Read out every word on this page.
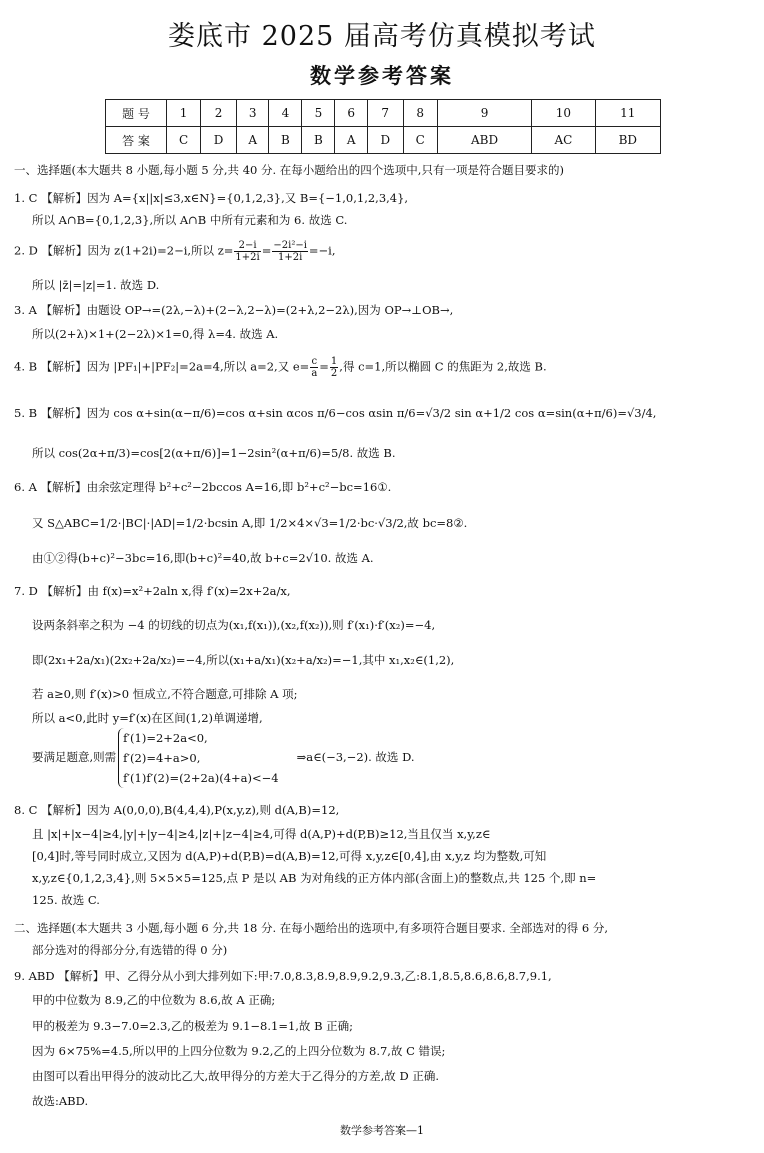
娄底市 2025 届高考仿真模拟考试
数学参考答案
题 号	1	2	3	4	5	6	7	8	9	10	11
答 案	C	D	A	B	B	A	D	C	ABD	AC	BD
一、选择题(本大题共 8 小题,每小题 5 分,共 40 分. 在每小题给出的四个选项中,只有一项是符合题目要求的)
1. C 【解析】因为 A={x||x|≤3,x∈N}={0,1,2,3},又 B={−1,0,1,2,3,4},
所以 A∩B={0,1,2,3},所以 A∩B 中所有元素和为 6. 故选 C.
2. D 【解析】因为 z(1+2i)=2−i,所以 $z= \frac{2-i}{1+2i} = \frac{\text{−2i²−i}}{1+2i} =-i$,
所以 |z̄|=|z|=1. 故选 D.
3. A 【解析】由题设 OP→=(2λ,−λ)+(2−λ,2−λ)=(2+λ,2−2λ),因为 OP→⊥OB→,
所以(2+λ)×1+(2−2λ)×1=0,得 λ=4. 故选 A.
4. B 【解析】因为 |PF₁|+|PF₂|=2a=4,所以 a=2,又 $e= \frac{c}{a} = \frac{1}{2}$ ,得 c=1,所以椭圆 C 的焦距为 2,故选 B.
5. B 【解析】因为 cos α+sin(α−π/6)=cos α+sin αcos π/6−cos αsin π/6=√3/2 sin α+1/2 cos α=sin(α+π/6)=√3/4,
所以 cos(2α+π/3)=cos[2(α+π/6)]=1−2sin²(α+π/6)=5/8. 故选 B.
6. A 【解析】由余弦定理得 b²+c²−2bccos A=16,即 b²+c²−bc=16①.
又 S△ABC=1/2·|BC|·|AD|=1/2·bcsin A,即 1/2×4×√3=1/2·bc·√3/2,故 bc=8②.
由①②得(b+c)²−3bc=16,即(b+c)²=40,故 b+c=2√10. 故选 A.
7. D 【解析】由 f(x)=x²+2aln x,得 f′(x)=2x+2a/x,
设两条斜率之积为 −4 的切线的切点为(x₁,f(x₁)),(x₂,f(x₂)),则 f′(x₁)·f′(x₂)=−4,
即(2x₁+2a/x₁)(2x₂+2a/x₂)=−4,所以(x₁+a/x₁)(x₂+a/x₂)=−1,其中 x₁,x₂∈(1,2),
若 a≥0,则 f′(x)>0 恒成立,不符合题意,可排除 A 项;
所以 a<0,此时 y=f′(x)在区间(1,2)单调递增,
要满足题意,则需
f′(1)=2+2a<0,
f′(2)=4+a>0,
f′(1)f′(2)=(2+2a)(4+a)<−4
⇒a∈(−3,−2). 故选 D.
8. C 【解析】因为 A(0,0,0),B(4,4,4),P(x,y,z),则 d(A,B)=12,
且 |x|+|x−4|≥4,|y|+|y−4|≥4,|z|+|z−4|≥4,可得 d(A,P)+d(P,B)≥12,当且仅当 x,y,z∈
[0,4]时,等号同时成立,又因为 d(A,P)+d(P,B)=d(A,B)=12,可得 x,y,z∈[0,4],由 x,y,z 均为整数,可知
x,y,z∈{0,1,2,3,4},则 5×5×5=125,点 P 是以 AB 为对角线的正方体内部(含面上)的整数点,共 125 个,即 n=
125. 故选 C.
二、选择题(本大题共 3 小题,每小题 6 分,共 18 分. 在每小题给出的选项中,有多项符合题目要求. 全部选对的得 6 分,
部分选对的得部分分,有选错的得 0 分)
9. ABD 【解析】甲、乙得分从小到大排列如下:甲:7.0,8.3,8.9,8.9,9.2,9.3,乙:8.1,8.5,8.6,8.6,8.7,9.1,
甲的中位数为 8.9,乙的中位数为 8.6,故 A 正确;
甲的极差为 9.3−7.0=2.3,乙的极差为 9.1−8.1=1,故 B 正确;
因为 6×75%=4.5,所以甲的上四分位数为 9.2,乙的上四分位数为 8.7,故 C 错误;
由图可以看出甲得分的波动比乙大,故甲得分的方差大于乙得分的方差,故 D 正确.
故选:ABD.
数学参考答案—1
